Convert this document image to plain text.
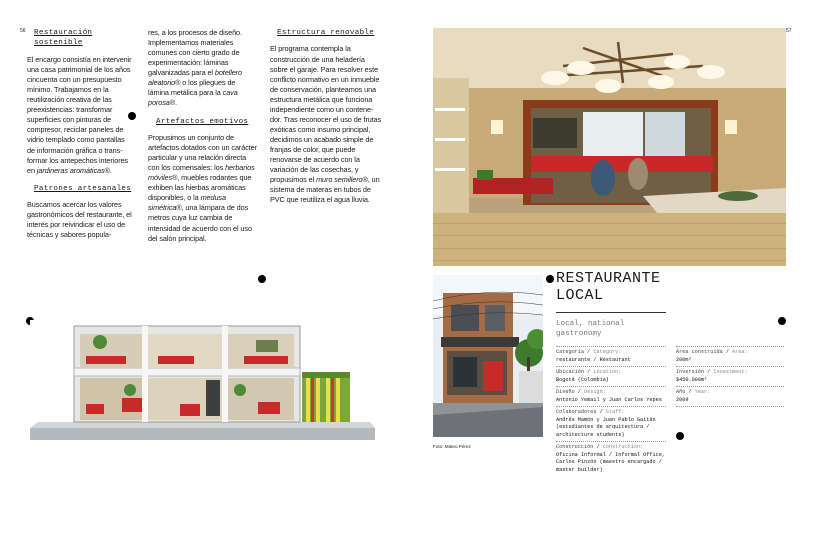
56	57
Restauración sostenible

El encargo consistía en intervenir una casa patrimonial de los años cincuenta con un presupuesto mínimo. Trabajamos en la reutilización creativa de las preexistencias: transformar superficies con pinturas de compresor, reciclar paneles de vidrio templado como pantallas de información gráfica o transformar los antepechos interiores en jardineras aromáticas®.

Patrones artesanales

Buscamos acercar los valores gastronómicos del restaurante, el interés por reivindicar el uso de técnicas y sabores popula-

res, a los procesos de diseño. Implementamos materiales comunes con cierto grado de experimentación: láminas galvanizadas para el botellero aleatorio® o los pliegues de lámina metálica para la cava porosa®.

Artefactos emotivos

Propusimos un conjunto de artefactos dotados con un carácter particular y una relación directa con los comensales: los herbarios móviles®, muebles rodantes que exhiben las hierbas aromáticas disponibles, o la medusa simétrica®, una lámpara de dos metros cuya luz cambia de intensidad de acuerdo con el uso del salón principal.

Estructura renovable

El programa contempla la construcción de una heladería sobre el garaje. Para resolver este conflicto normativo en un inmueble de conservación, planteamos una estructura metálica que funciona independiente como un contenedor. Tras reconocer el uso de frutas exóticas como insumo principal, decidimos un acabado simple de franjas de color, que puede renovarse de acuerdo con la variación de las cosechas, y propusimos el muro semillero®, un sistema de materas en tubos de PVC que reutiliza el agua lluvia.

Foto: Mateo Pérez
RESTAURANTE
LOCAL
Local, national
gastronomy
Categoría / Category:
restaurante / Restaurant
Ubicación / Location:
Bogotá (Colombia)
Diseño / Design:
Antonio Yemail y Juan Carlos Yepes
Colaboradores / Staff:
Andrés Mamón y Juan Pablo Gaitán
(estudiantes de arquitectura /
architecture students)
Construcción / Construction:
Oficina Informal / Informal Office,
Carlos Pinzón (maestro encargado /
master builder)
Área construida / Area:
200m²
Inversión / Investment:
$450.000m²
Año / Year:
2009
